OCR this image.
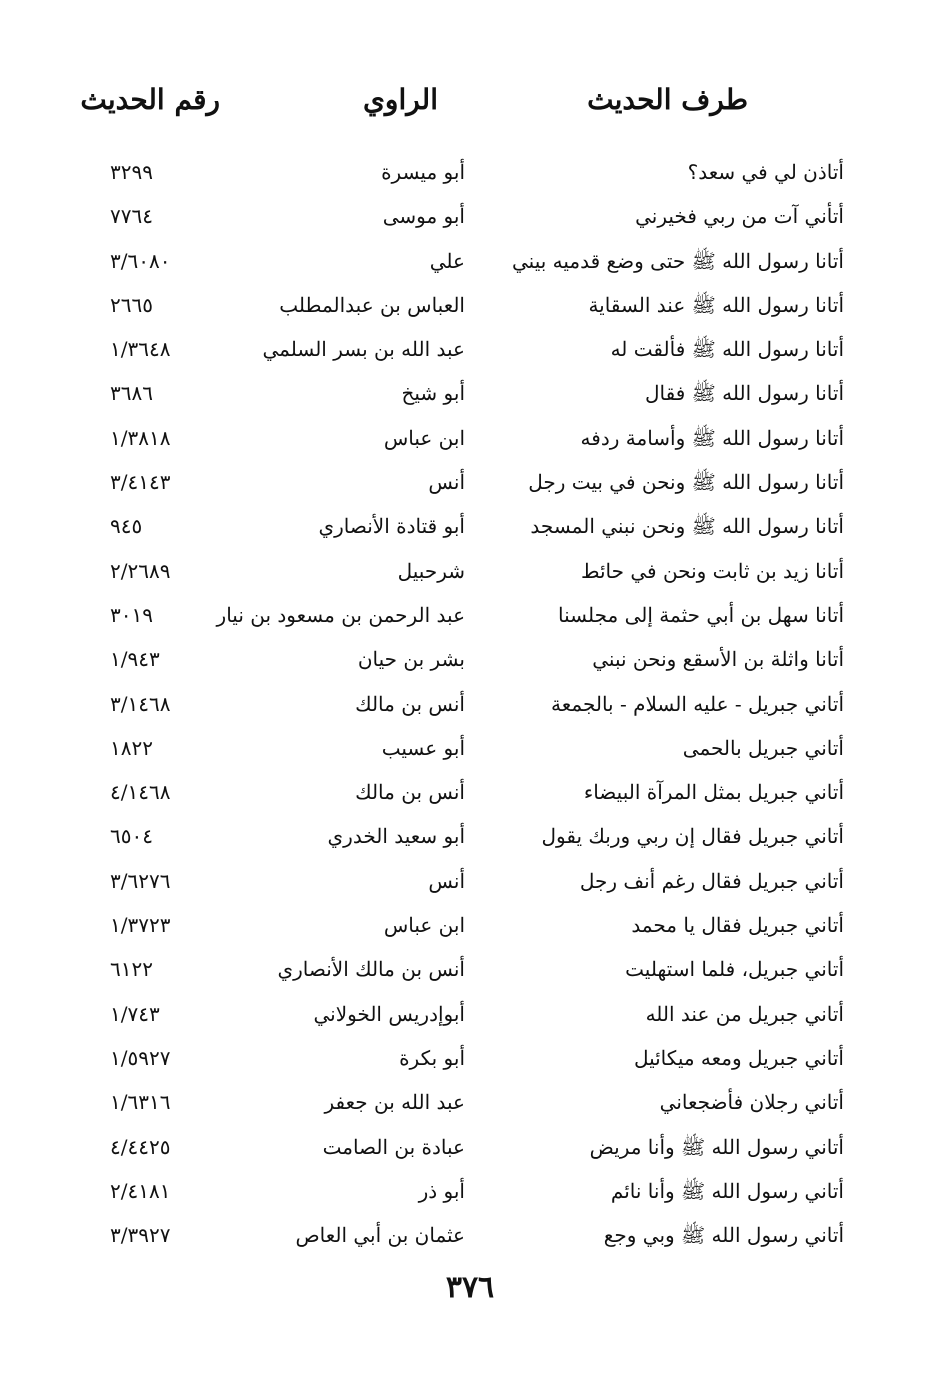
طرف الحديث
الراوي
رقم الحديث
أتاذن لي في سعد؟
أبو ميسرة
٣٢٩٩
أتأني آت من ربي فخيرني
أبو موسى
٧٧٦٤
أتانا رسول الله ﷺ حتى وضع قدميه بيني
علي
٣/٦٠٨٠
أتانا رسول الله ﷺ عند السقاية
العباس بن عبدالمطلب
٢٦٦٥
أتانا رسول الله ﷺ فألقت له
عبد الله بن بسر السلمي
١/٣٦٤٨
أتانا رسول الله ﷺ فقال
أبو شيخ
٣٦٨٦
أتانا رسول الله ﷺ وأسامة ردفه
ابن عباس
١/٣٨١٨
أتانا رسول الله ﷺ ونحن في بيت رجل
أنس
٣/٤١٤٣
أتانا رسول الله ﷺ ونحن نبني المسجد
أبو قتادة الأنصاري
٩٤٥
أتانا زيد بن ثابت ونحن في حائط
شرحبيل
٢/٢٦٨٩
أتانا سهل بن أبي حثمة إلى مجلسنا
عبد الرحمن بن مسعود بن نيار
٣٠١٩
أتانا واثلة بن الأسقع ونحن نبني
بشر بن حيان
١/٩٤٣
أتاني جبريل - عليه السلام - بالجمعة
أنس بن مالك
٣/١٤٦٨
أتاني جبريل بالحمى
أبو عسيب
١٨٢٢
أتاني جبريل بمثل المرآة البيضاء
أنس بن مالك
٤/١٤٦٨
أتاني جبريل فقال إن ربي وربك يقول
أبو سعيد الخدري
٦٥٠٤
أتاني جبريل فقال رغم أنف رجل
أنس
٣/٦٢٧٦
أتاني جبريل فقال يا محمد
ابن عباس
١/٣٧٢٣
أتاني جبريل، فلما استهليت
أنس بن مالك الأنصاري
٦١٢٢
أتاني جبريل من عند الله
أبوإدريس الخولاني
١/٧٤٣
أتاني جبريل ومعه ميكائيل
أبو بكرة
١/٥٩٢٧
أتاني رجلان فأضجعاني
عبد الله بن جعفر
١/٦٣١٦
أتاني رسول الله ﷺ وأنا مريض
عبادة بن الصامت
٤/٤٤٢٥
أتاني رسول الله ﷺ وأنا نائم
أبو ذر
٢/٤١٨١
أتاني رسول الله ﷺ وبي وجع
عثمان بن أبي العاص
٣/٣٩٢٧
٣٧٦
